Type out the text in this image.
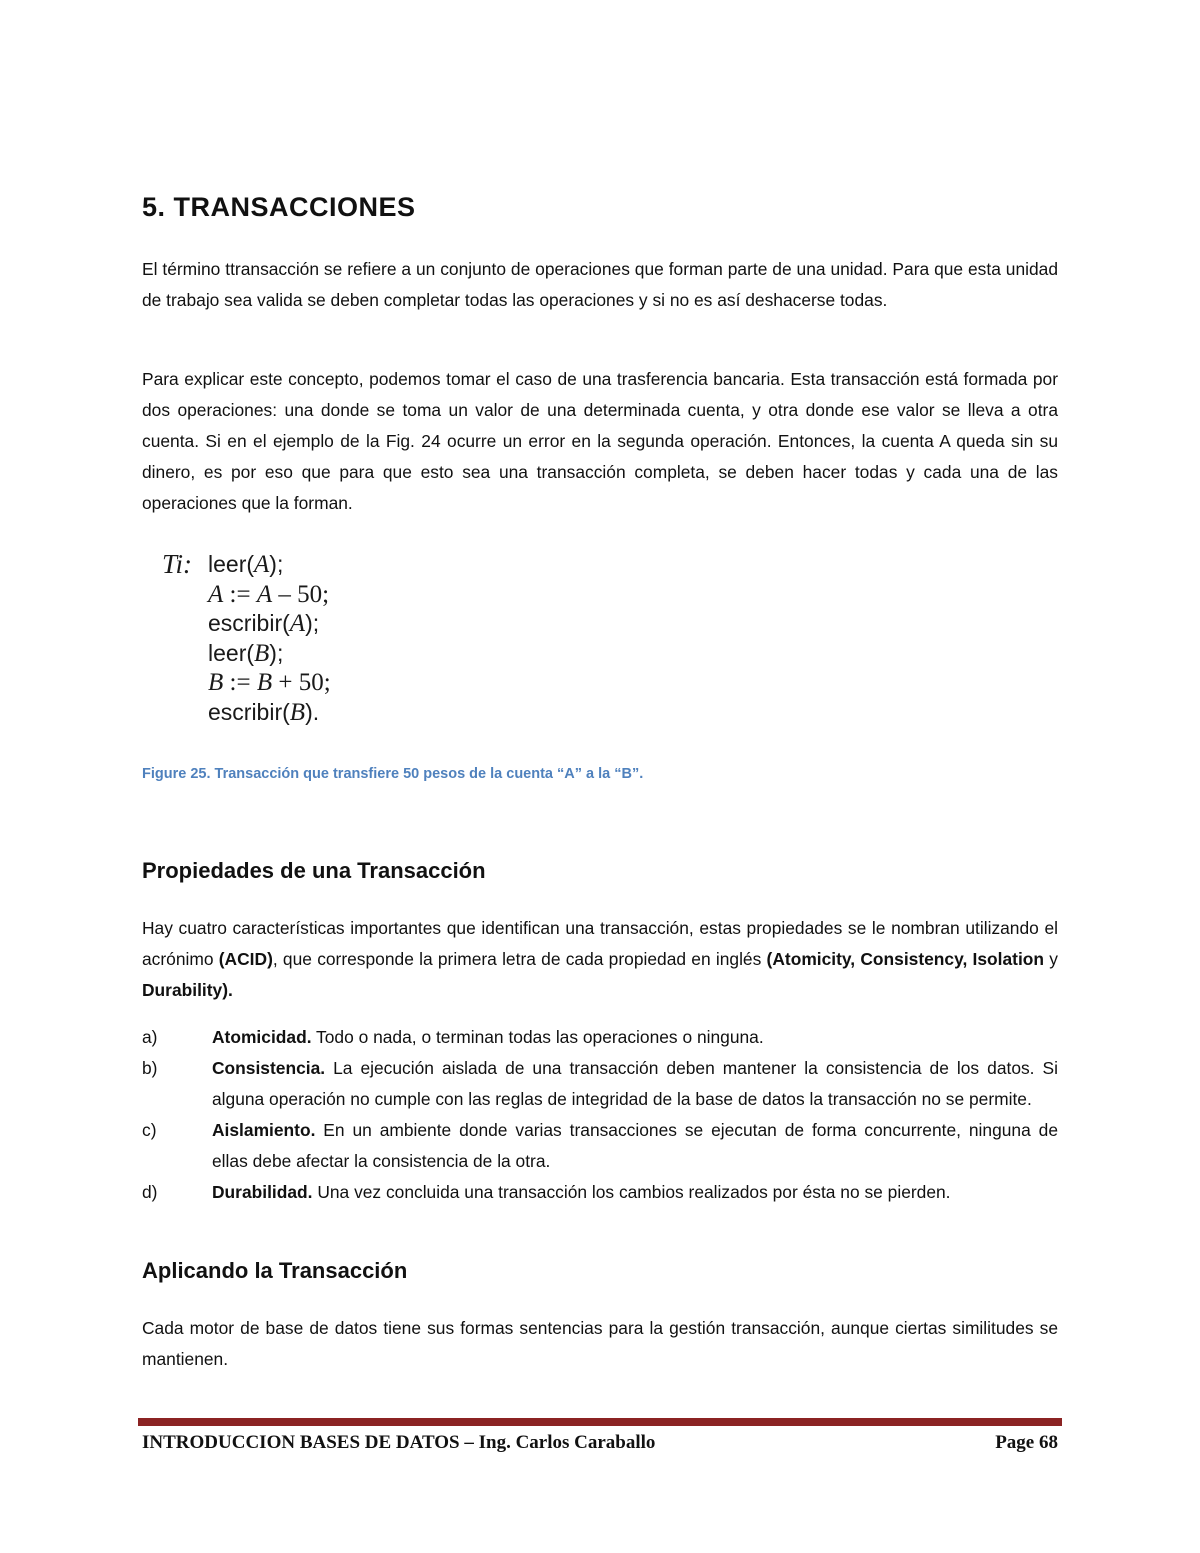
5. TRANSACCIONES

El término ttransacción se refiere a un conjunto de operaciones que forman parte de una unidad. Para que esta unidad de trabajo sea valida se deben completar todas las operaciones y si no es así deshacerse todas.

Para explicar este concepto, podemos tomar el caso de una trasferencia bancaria. Esta transacción está formada por dos operaciones: una donde se toma un valor de una determinada cuenta, y otra donde ese valor se lleva a otra cuenta. Si en el ejemplo de la Fig. 24 ocurre un error en la segunda operación. Entonces, la cuenta A queda sin su dinero, es por eso que para que esto sea una transacción completa, se deben hacer todas y cada una de las operaciones que la forman.

Ti: leer(A);
A := A – 50;
escribir(A);
leer(B);
B := B + 50;
escribir(B).

Figure 25. Transacción que transfiere 50 pesos de la cuenta “A” a la “B”.

Propiedades de una Transacción

Hay cuatro características importantes que identifican una transacción, estas propiedades se le nombran utilizando el acrónimo (ACID), que corresponde la primera letra de cada propiedad en inglés (Atomicity, Consistency, Isolation y Durability).

a)	Atomicidad. Todo o nada, o terminan todas las operaciones o ninguna.
b)	Consistencia. La ejecución aislada de una transacción deben mantener la consistencia de los datos. Si alguna operación no cumple con las reglas de integridad de la base de datos la transacción no se permite.
c)	Aislamiento. En un ambiente donde varias transacciones se ejecutan de forma concurrente, ninguna de ellas debe afectar la consistencia de la otra.
d)	Durabilidad. Una vez concluida una transacción los cambios realizados por ésta no se pierden.
Aplicando la Transacción

Cada motor de base de datos tiene sus formas sentencias para la gestión transacción, aunque ciertas similitudes se mantienen.

INTRODUCCION BASES DE DATOS – Ing. Carlos Caraballo	Page 68
